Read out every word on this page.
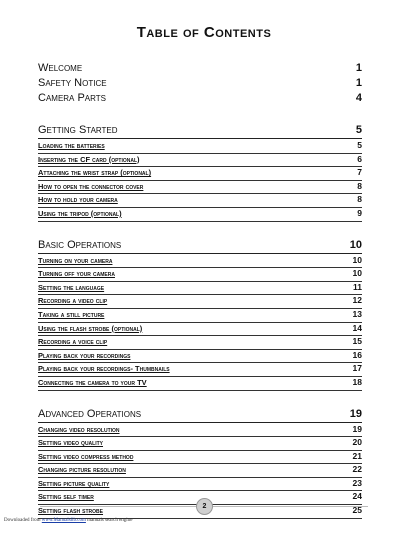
Table of Contents
Welcome	1
Safety Notice	1
Camera Parts	4
Getting Started	5
Loading the batteries	5
Inserting the CF card (optional)	6
Attaching the wrist strap (optional)	7
How to open the connector cover	8
How to hold your camera	8
Using the tripod (optional)	9
Basic Operations	10
Turning on your camera	10
Turning off your camera	10
Setting the language	11
Recording a video clip	12
Taking a still picture	13
Using the flash strobe (optional)	14
Recording a voice clip	15
Playing back your recordings	16
Playing back your recordings- Thumbnails	17
Connecting the camera to your TV	18
Advanced Operations	19
Changing video resolution	19
Setting video quality	20
Setting video compress method	21
Changing picture resolution	22
Setting picture quality	23
Setting self timer	24
Setting flash strobe	25
2
Downloaded from www.Manualslib.com manuals search engine
